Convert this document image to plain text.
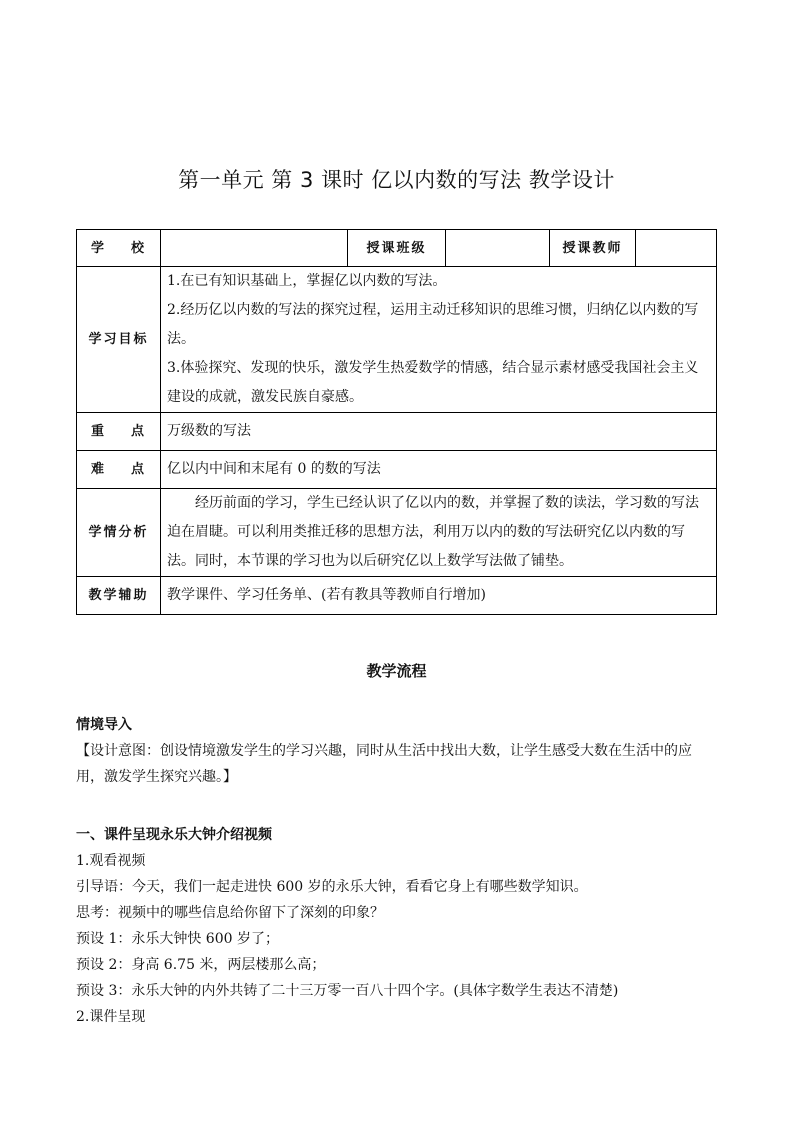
第一单元 第 3 课时 亿以内数的写法 教学设计
学 校		授课班级		授课教师	
学习目标	1.在已有知识基础上，掌握亿以内数的写法。

2.经历亿以内数的写法的探究过程，运用主动迁移知识的思维习惯，归纳亿以内数的写法。

3.体验探究、发现的快乐，激发学生热爱数学的情感，结合显示素材感受我国社会主义建设的成就，激发民族自豪感。				

重 点	万级数的写法				

难 点	亿以内中间和末尾有 0 的数的写法				
学情分析	经历前面的学习，学生已经认识了亿以内的数，并掌握了数的读法，学习数的写法迫在眉睫。可以利用类推迁移的思想方法，利用万以内的数的写法研究亿以内数的写法。同时，本节课的学习也为以后研究亿以上数学写法做了铺垫。				

教学辅助	教学课件、学习任务单、(若有教具等教师自行增加)				
教学流程

情境导入

【设计意图：创设情境激发学生的学习兴趣，同时从生活中找出大数，让学生感受大数在生活中的应用，激发学生探究兴趣。】

一、课件呈现永乐大钟介绍视频

1.观看视频

引导语：今天，我们一起走进快 600 岁的永乐大钟，看看它身上有哪些数学知识。

思考：视频中的哪些信息给你留下了深刻的印象？

预设 1：永乐大钟快 600 岁了；

预设 2：身高 6.75 米，两层楼那么高；

预设 3：永乐大钟的内外共铸了二十三万零一百八十四个字。(具体字数学生表达不清楚)

2.课件呈现
